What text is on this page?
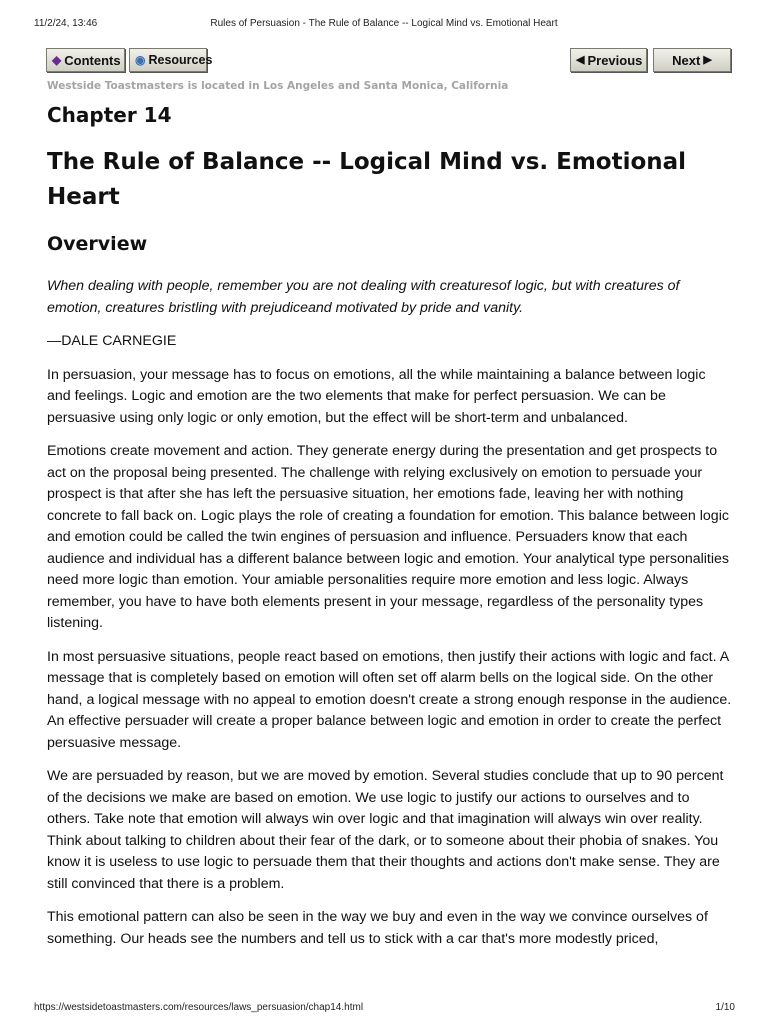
11/2/24, 13:46	Rules of Persuasion - The Rule of Balance -- Logical Mind vs. Emotional Heart
◆ Contents ◉ Resources	◀ Previous Next ▶
Westside Toastmasters is located in Los Angeles and Santa Monica, California
Chapter 14
The Rule of Balance -- Logical Mind vs. Emotional Heart
Overview

When dealing with people, remember you are not dealing with creaturesof logic, but with creatures of emotion, creatures bristling with prejudiceand motivated by pride and vanity.

—DALE CARNEGIE

In persuasion, your message has to focus on emotions, all the while maintaining a balance between logic and feelings. Logic and emotion are the two elements that make for perfect persuasion. We can be persuasive using only logic or only emotion, but the effect will be short-term and unbalanced.

Emotions create movement and action. They generate energy during the presentation and get prospects to act on the proposal being presented. The challenge with relying exclusively on emotion to persuade your prospect is that after she has left the persuasive situation, her emotions fade, leaving her with nothing concrete to fall back on. Logic plays the role of creating a foundation for emotion. This balance between logic and emotion could be called the twin engines of persuasion and influence. Persuaders know that each audience and individual has a different balance between logic and emotion. Your analytical type personalities need more logic than emotion. Your amiable personalities require more emotion and less logic. Always remember, you have to have both elements present in your message, regardless of the personality types listening.

In most persuasive situations, people react based on emotions, then justify their actions with logic and fact. A message that is completely based on emotion will often set off alarm bells on the logical side. On the other hand, a logical message with no appeal to emotion doesn't create a strong enough response in the audience. An effective persuader will create a proper balance between logic and emotion in order to create the perfect persuasive message.

We are persuaded by reason, but we are moved by emotion. Several studies conclude that up to 90 percent of the decisions we make are based on emotion. We use logic to justify our actions to ourselves and to others. Take note that emotion will always win over logic and that imagination will always win over reality. Think about talking to children about their fear of the dark, or to someone about their phobia of snakes. You know it is useless to use logic to persuade them that their thoughts and actions don't make sense. They are still convinced that there is a problem.

This emotional pattern can also be seen in the way we buy and even in the way we convince ourselves of something. Our heads see the numbers and tell us to stick with a car that's more modestly priced,

https://westsidetoastmasters.com/resources/laws_persuasion/chap14.html	1/10
